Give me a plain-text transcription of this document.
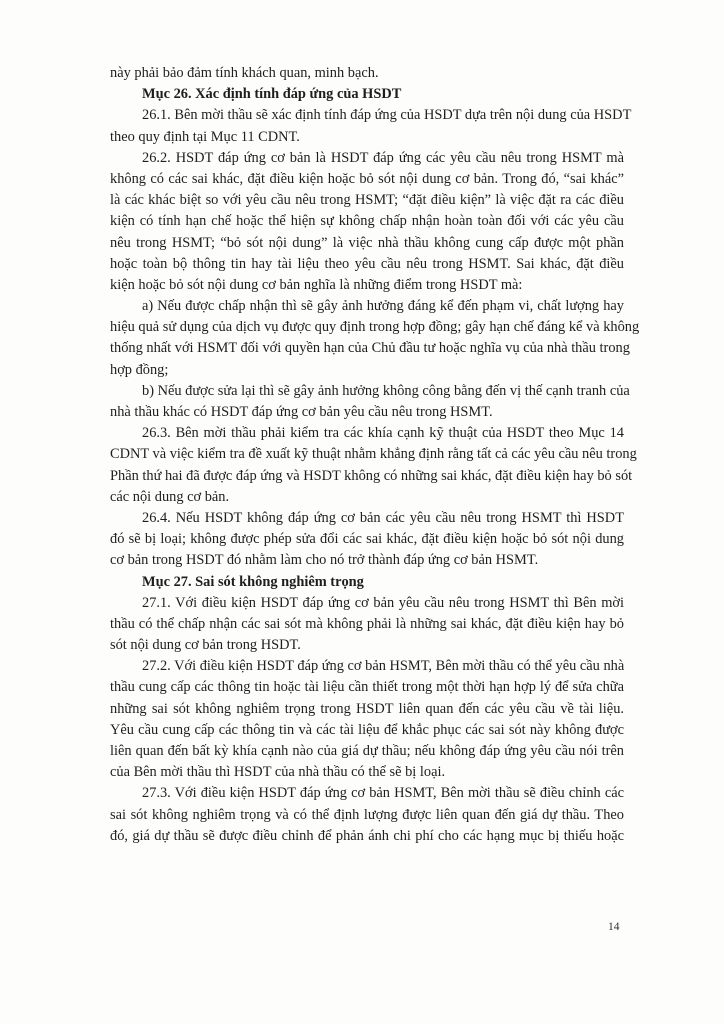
này phải bảo đảm tính khách quan, minh bạch.
Mục 26. Xác định tính đáp ứng của HSDT
26.1. Bên mời thầu sẽ xác định tính đáp ứng của HSDT dựa trên nội dung của HSDT
theo quy định tại Mục 11 CDNT.
26.2. HSDT đáp ứng cơ bản là HSDT đáp ứng các yêu cầu nêu trong HSMT mà
không có các sai khác, đặt điều kiện hoặc bỏ sót nội dung cơ bản. Trong đó, “sai khác”
là các khác biệt so với yêu cầu nêu trong HSMT; “đặt điều kiện” là việc đặt ra các điều
kiện có tính hạn chế hoặc thể hiện sự không chấp nhận hoàn toàn đối với các yêu cầu
nêu trong HSMT; “bỏ sót nội dung” là việc nhà thầu không cung cấp được một phần
hoặc toàn bộ thông tin hay tài liệu theo yêu cầu nêu trong HSMT. Sai khác, đặt điều
kiện hoặc bỏ sót nội dung cơ bản nghĩa là những điểm trong HSDT mà:
a) Nếu được chấp nhận thì sẽ gây ảnh hưởng đáng kể đến phạm vi, chất lượng hay
hiệu quả sử dụng của dịch vụ được quy định trong hợp đồng; gây hạn chế đáng kể và không
thống nhất với HSMT đối với quyền hạn của Chủ đầu tư hoặc nghĩa vụ của nhà thầu trong
hợp đồng;
b) Nếu được sửa lại thì sẽ gây ảnh hưởng không công bằng đến vị thế cạnh tranh của
nhà thầu khác có HSDT đáp ứng cơ bản yêu cầu nêu trong HSMT.
26.3. Bên mời thầu phải kiểm tra các khía cạnh kỹ thuật của HSDT theo Mục 14
CDNT và việc kiểm tra đề xuất kỹ thuật nhằm khẳng định rằng tất cả các yêu cầu nêu trong
Phần thứ hai đã được đáp ứng và HSDT không có những sai khác, đặt điều kiện hay bỏ sót
các nội dung cơ bản.
26.4. Nếu HSDT không đáp ứng cơ bản các yêu cầu nêu trong HSMT thì HSDT
đó sẽ bị loại; không được phép sửa đổi các sai khác, đặt điều kiện hoặc bỏ sót nội dung
cơ bản trong HSDT đó nhằm làm cho nó trở thành đáp ứng cơ bản HSMT.
Mục 27. Sai sót không nghiêm trọng
27.1. Với điều kiện HSDT đáp ứng cơ bản yêu cầu nêu trong HSMT thì Bên mời
thầu có thể chấp nhận các sai sót mà không phải là những sai khác, đặt điều kiện hay bỏ
sót nội dung cơ bản trong HSDT.
27.2. Với điều kiện HSDT đáp ứng cơ bản HSMT, Bên mời thầu có thể yêu cầu nhà
thầu cung cấp các thông tin hoặc tài liệu cần thiết trong một thời hạn hợp lý để sửa chữa
những sai sót không nghiêm trọng trong HSDT liên quan đến các yêu cầu về tài liệu.
Yêu cầu cung cấp các thông tin và các tài liệu để khắc phục các sai sót này không được
liên quan đến bất kỳ khía cạnh nào của giá dự thầu; nếu không đáp ứng yêu cầu nói trên
của Bên mời thầu thì HSDT của nhà thầu có thể sẽ bị loại.
27.3. Với điều kiện HSDT đáp ứng cơ bản HSMT, Bên mời thầu sẽ điều chỉnh các
sai sót không nghiêm trọng và có thể định lượng được liên quan đến giá dự thầu. Theo
đó, giá dự thầu sẽ được điều chỉnh để phản ánh chi phí cho các hạng mục bị thiếu hoặc
14
